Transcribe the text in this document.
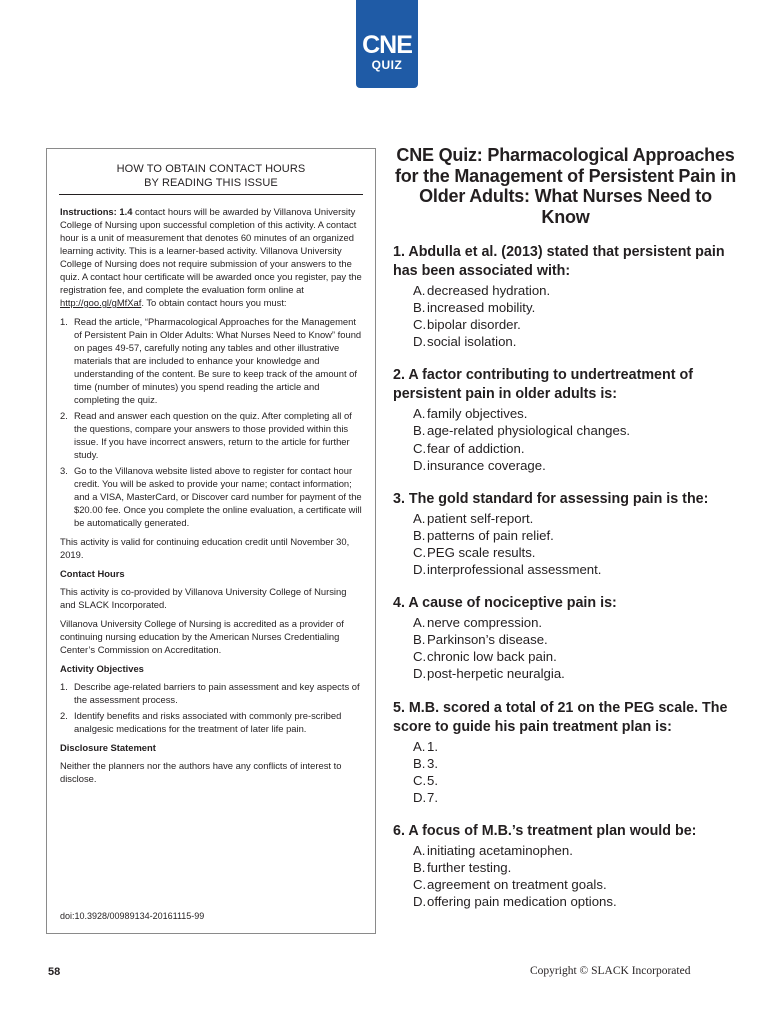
CNE
QUIZ
HOW TO OBTAIN CONTACT HOURS
BY READING THIS ISSUE

Instructions: 1.4 contact hours will be awarded by Villanova University College of Nursing upon successful completion of this activity. A contact hour is a unit of measurement that denotes 60 minutes of an organized learning activity. This is a learner-based activity. Villanova University College of Nursing does not require submission of your answers to the quiz. A contact hour certificate will be awarded once you register, pay the registration fee, and complete the evaluation form online at http://goo.gl/gMfXaf. To obtain contact hours you must:

1. Read the article, “Pharmacological Approaches for the Management of Persistent Pain in Older Adults: What Nurses Need to Know” found on pages 49-57, carefully noting any tables and other illustrative materials that are included to enhance your knowledge and understanding of the content. Be sure to keep track of the amount of time (number of minutes) you spend reading the article and completing the quiz.
2. Read and answer each question on the quiz. After completing all of the questions, compare your answers to those provided within this issue. If you have incorrect answers, return to the article for further study.
3. Go to the Villanova website listed above to register for contact hour credit. You will be asked to provide your name; contact information; and a VISA, MasterCard, or Discover card number for payment of the $20.00 fee. Once you complete the online evaluation, a certificate will be automatically generated.

This activity is valid for continuing education credit until November 30, 2019.

Contact Hours

This activity is co-provided by Villanova University College of Nursing and SLACK Incorporated.

Villanova University College of Nursing is accredited as a provider of continuing nursing education by the American Nurses Credentialing Center’s Commission on Accreditation.

Activity Objectives
1. Describe age-related barriers to pain assessment and key aspects of the assessment process.
2. Identify benefits and risks associated with commonly pre-scribed analgesic medications for the treatment of later life pain.
Disclosure Statement

Neither the planners nor the authors have any conflicts of interest to disclose.

doi:10.3928/00989134-20161115-99
CNE Quiz: Pharmacological Approaches for the Management of Persistent Pain in Older Adults: What Nurses Need to Know
1. Abdulla et al. (2013) stated that persistent pain has been associated with:
A. decreased hydration.
B. increased mobility.
C.bipolar disorder.
D.social isolation.
2. A factor contributing to undertreatment of persistent pain in older adults is:
A. family objectives.
B. age-related physiological changes.
C.fear of addiction.
D.insurance coverage.
3. The gold standard for assessing pain is the:
A. patient self-report.
B. patterns of pain relief.
C.PEG scale results.
D.interprofessional assessment.
4. A cause of nociceptive pain is:
A. nerve compression.
B. Parkinson’s disease.
C.chronic low back pain.
D.post-herpetic neuralgia.
5. M.B. scored a total of 21 on the PEG scale. The score to guide his pain treatment plan is:
A. 1.
B. 3.
C.5.
D.7.
6. A focus of M.B.’s treatment plan would be:
A. initiating acetaminophen.
B. further testing.
C.agreement on treatment goals.
D.offering pain medication options.
58	Copyright © SLACK Incorporated
